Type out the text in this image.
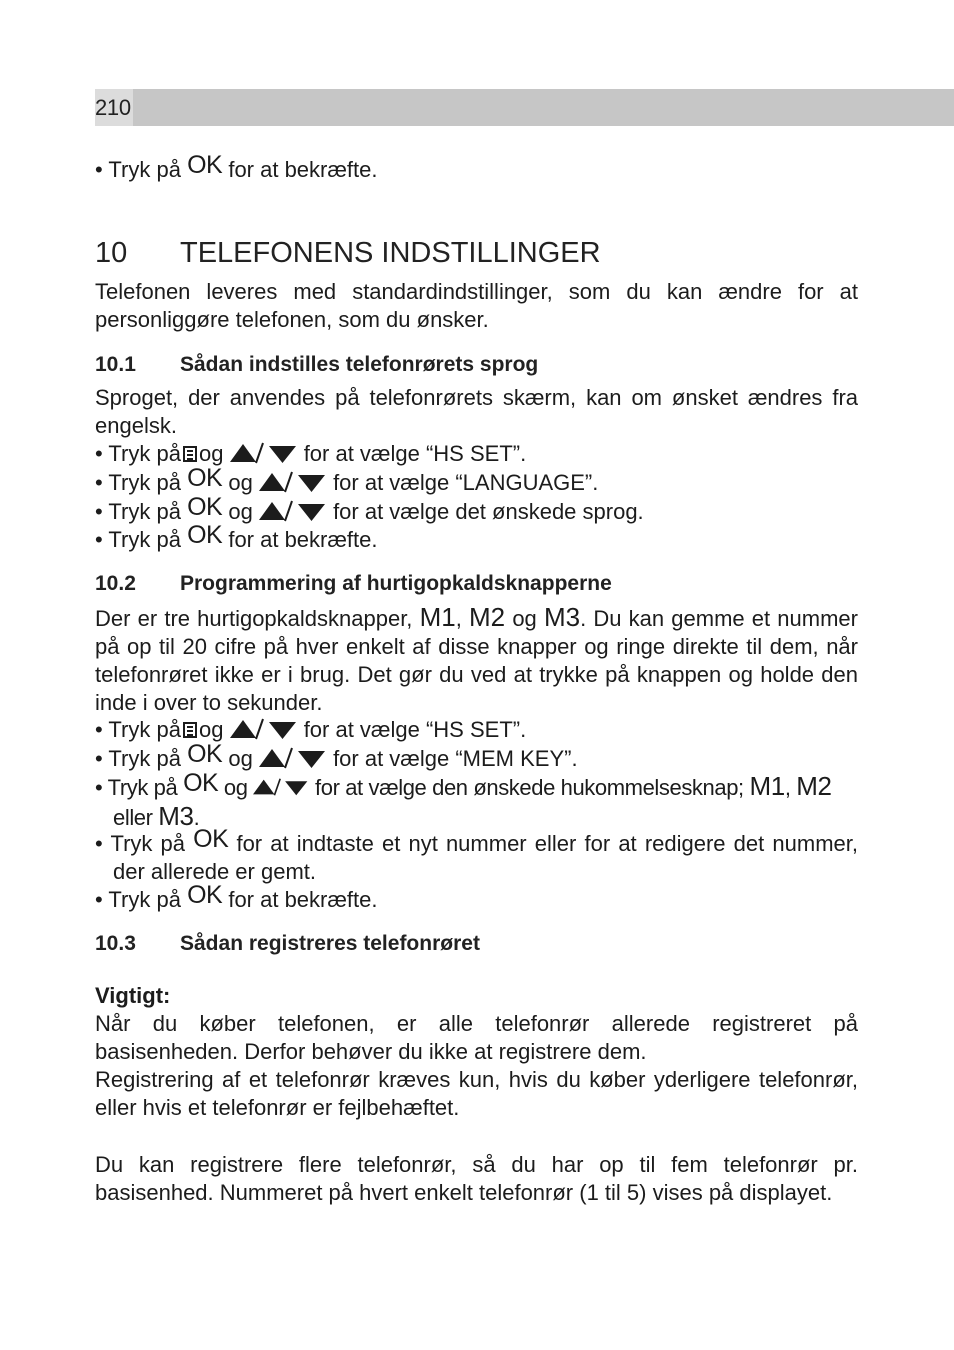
210

• Tryk på OK for at bekræfte.

10 TELEFONENS INDSTILLINGER

Telefonen leveres med standardindstillinger, som du kan ændre for at personliggøre telefonen, som du ønsker.

10.1 Sådan indstilles telefonrørets sprog

Sproget, der anvendes på telefonrørets skærm, kan om ønsket ændres fra engelsk.

• Tryk på og	for at vælge “HS SET”.

• Tryk på OK og	for at vælge “LANGUAGE”.

• Tryk på OK og	for at vælge det ønskede sprog.

• Tryk på OK for at bekræfte.

10.2 Programmering af hurtigopkaldsknapperne

Der er tre hurtigopkaldsknapper, M1, M2 og M3. Du kan gemme et nummer på op til 20 cifre på hver enkelt af disse knapper og ringe direkte til dem, når telefonrøret ikke er i brug. Det gør du ved at trykke på knappen og holde den inde i over to sekunder.

• Tryk på og	for at vælge “HS SET”.

• Tryk på OK og	for at vælge “MEM KEY”.

• Tryk på OK og	for at vælge den ønskede hukommelsesknap; M1, M2 eller M3.

• Tryk på OK for at indtaste et nyt nummer eller for at redigere det nummer, der allerede er gemt.

• Tryk på OK for at bekræfte.

10.3 Sådan registreres telefonrøret

Vigtigt:

Når du køber telefonen, er alle telefonrør allerede registreret på basisenheden. Derfor behøver du ikke at registrere dem.

Registrering af et telefonrør kræves kun, hvis du køber yderligere telefonrør, eller hvis et telefonrør er fejlbehæftet.

Du kan registrere flere telefonrør, så du har op til fem telefonrør pr. basisenhed. Nummeret på hvert enkelt telefonrør (1 til 5) vises på displayet.
